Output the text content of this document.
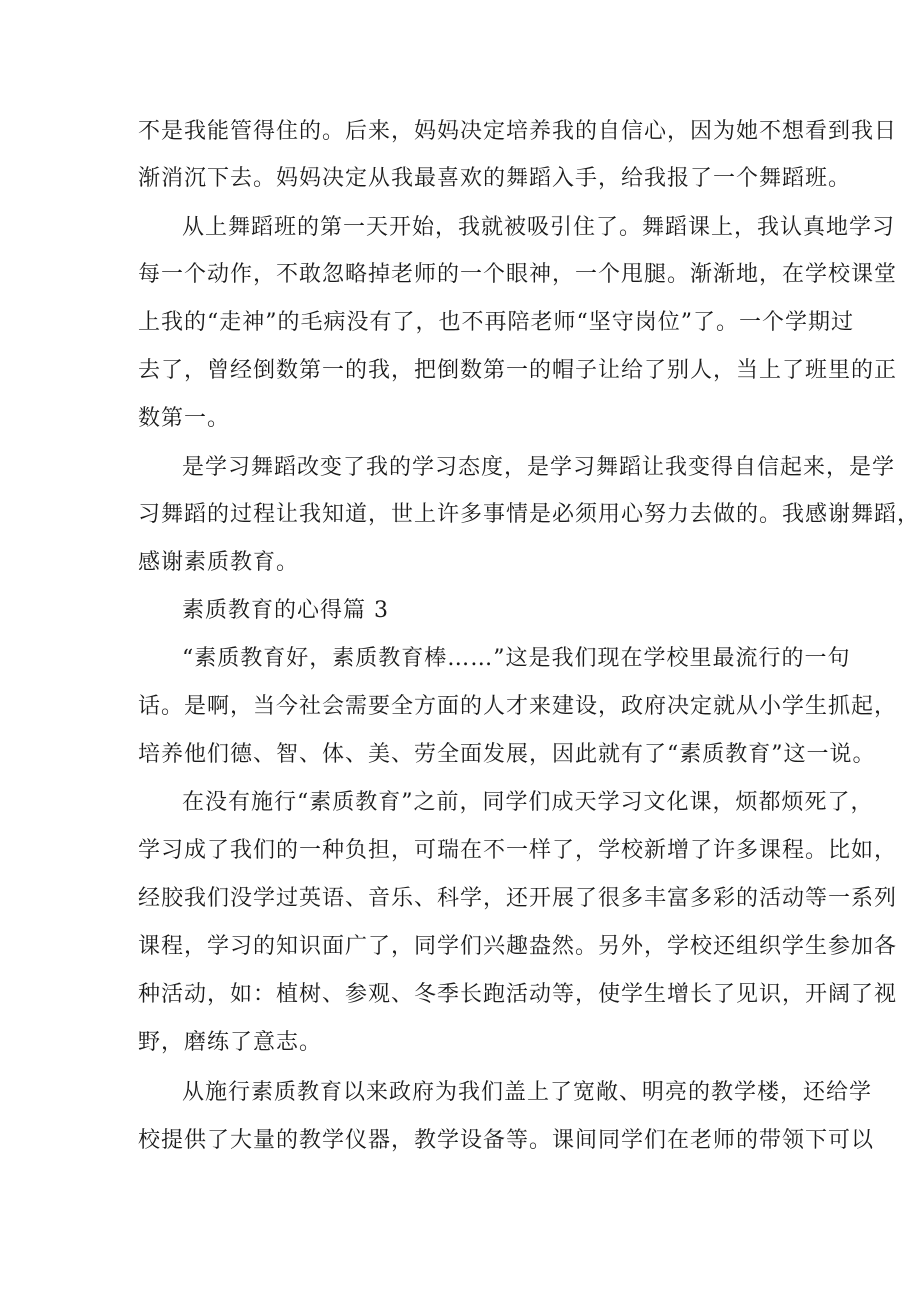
不是我能管得住的。后来，妈妈决定培养我的自信心，因为她不想看到我日
渐消沉下去。妈妈决定从我最喜欢的舞蹈入手，给我报了一个舞蹈班。
从上舞蹈班的第一天开始，我就被吸引住了。舞蹈课上，我认真地学习
每一个动作，不敢忽略掉老师的一个眼神，一个甩腿。渐渐地，在学校课堂
上我的“走神”的毛病没有了，也不再陪老师“坚守岗位”了。一个学期过
去了，曾经倒数第一的我，把倒数第一的帽子让给了别人，当上了班里的正
数第一。
是学习舞蹈改变了我的学习态度，是学习舞蹈让我变得自信起来，是学
习舞蹈的过程让我知道，世上许多事情是必须用心努力去做的。我感谢舞蹈，
感谢素质教育。
素质教育的心得篇 3
“素质教育好，素质教育棒……”这是我们现在学校里最流行的一句
话。是啊，当今社会需要全方面的人才来建设，政府决定就从小学生抓起，
培养他们德、智、体、美、劳全面发展，因此就有了“素质教育”这一说。
在没有施行“素质教育”之前，同学们成天学习文化课，烦都烦死了，
学习成了我们的一种负担，可瑞在不一样了，学校新增了许多课程。比如，
经胶我们没学过英语、音乐、科学，还开展了很多丰富多彩的活动等一系列
课程，学习的知识面广了，同学们兴趣盎然。另外，学校还组织学生参加各
种活动，如：植树、参观、冬季长跑活动等，使学生增长了见识，开阔了视
野，磨练了意志。
从施行素质教育以来政府为我们盖上了宽敞、明亮的教学楼，还给学
校提供了大量的教学仪器，教学设备等。课间同学们在老师的带领下可以
